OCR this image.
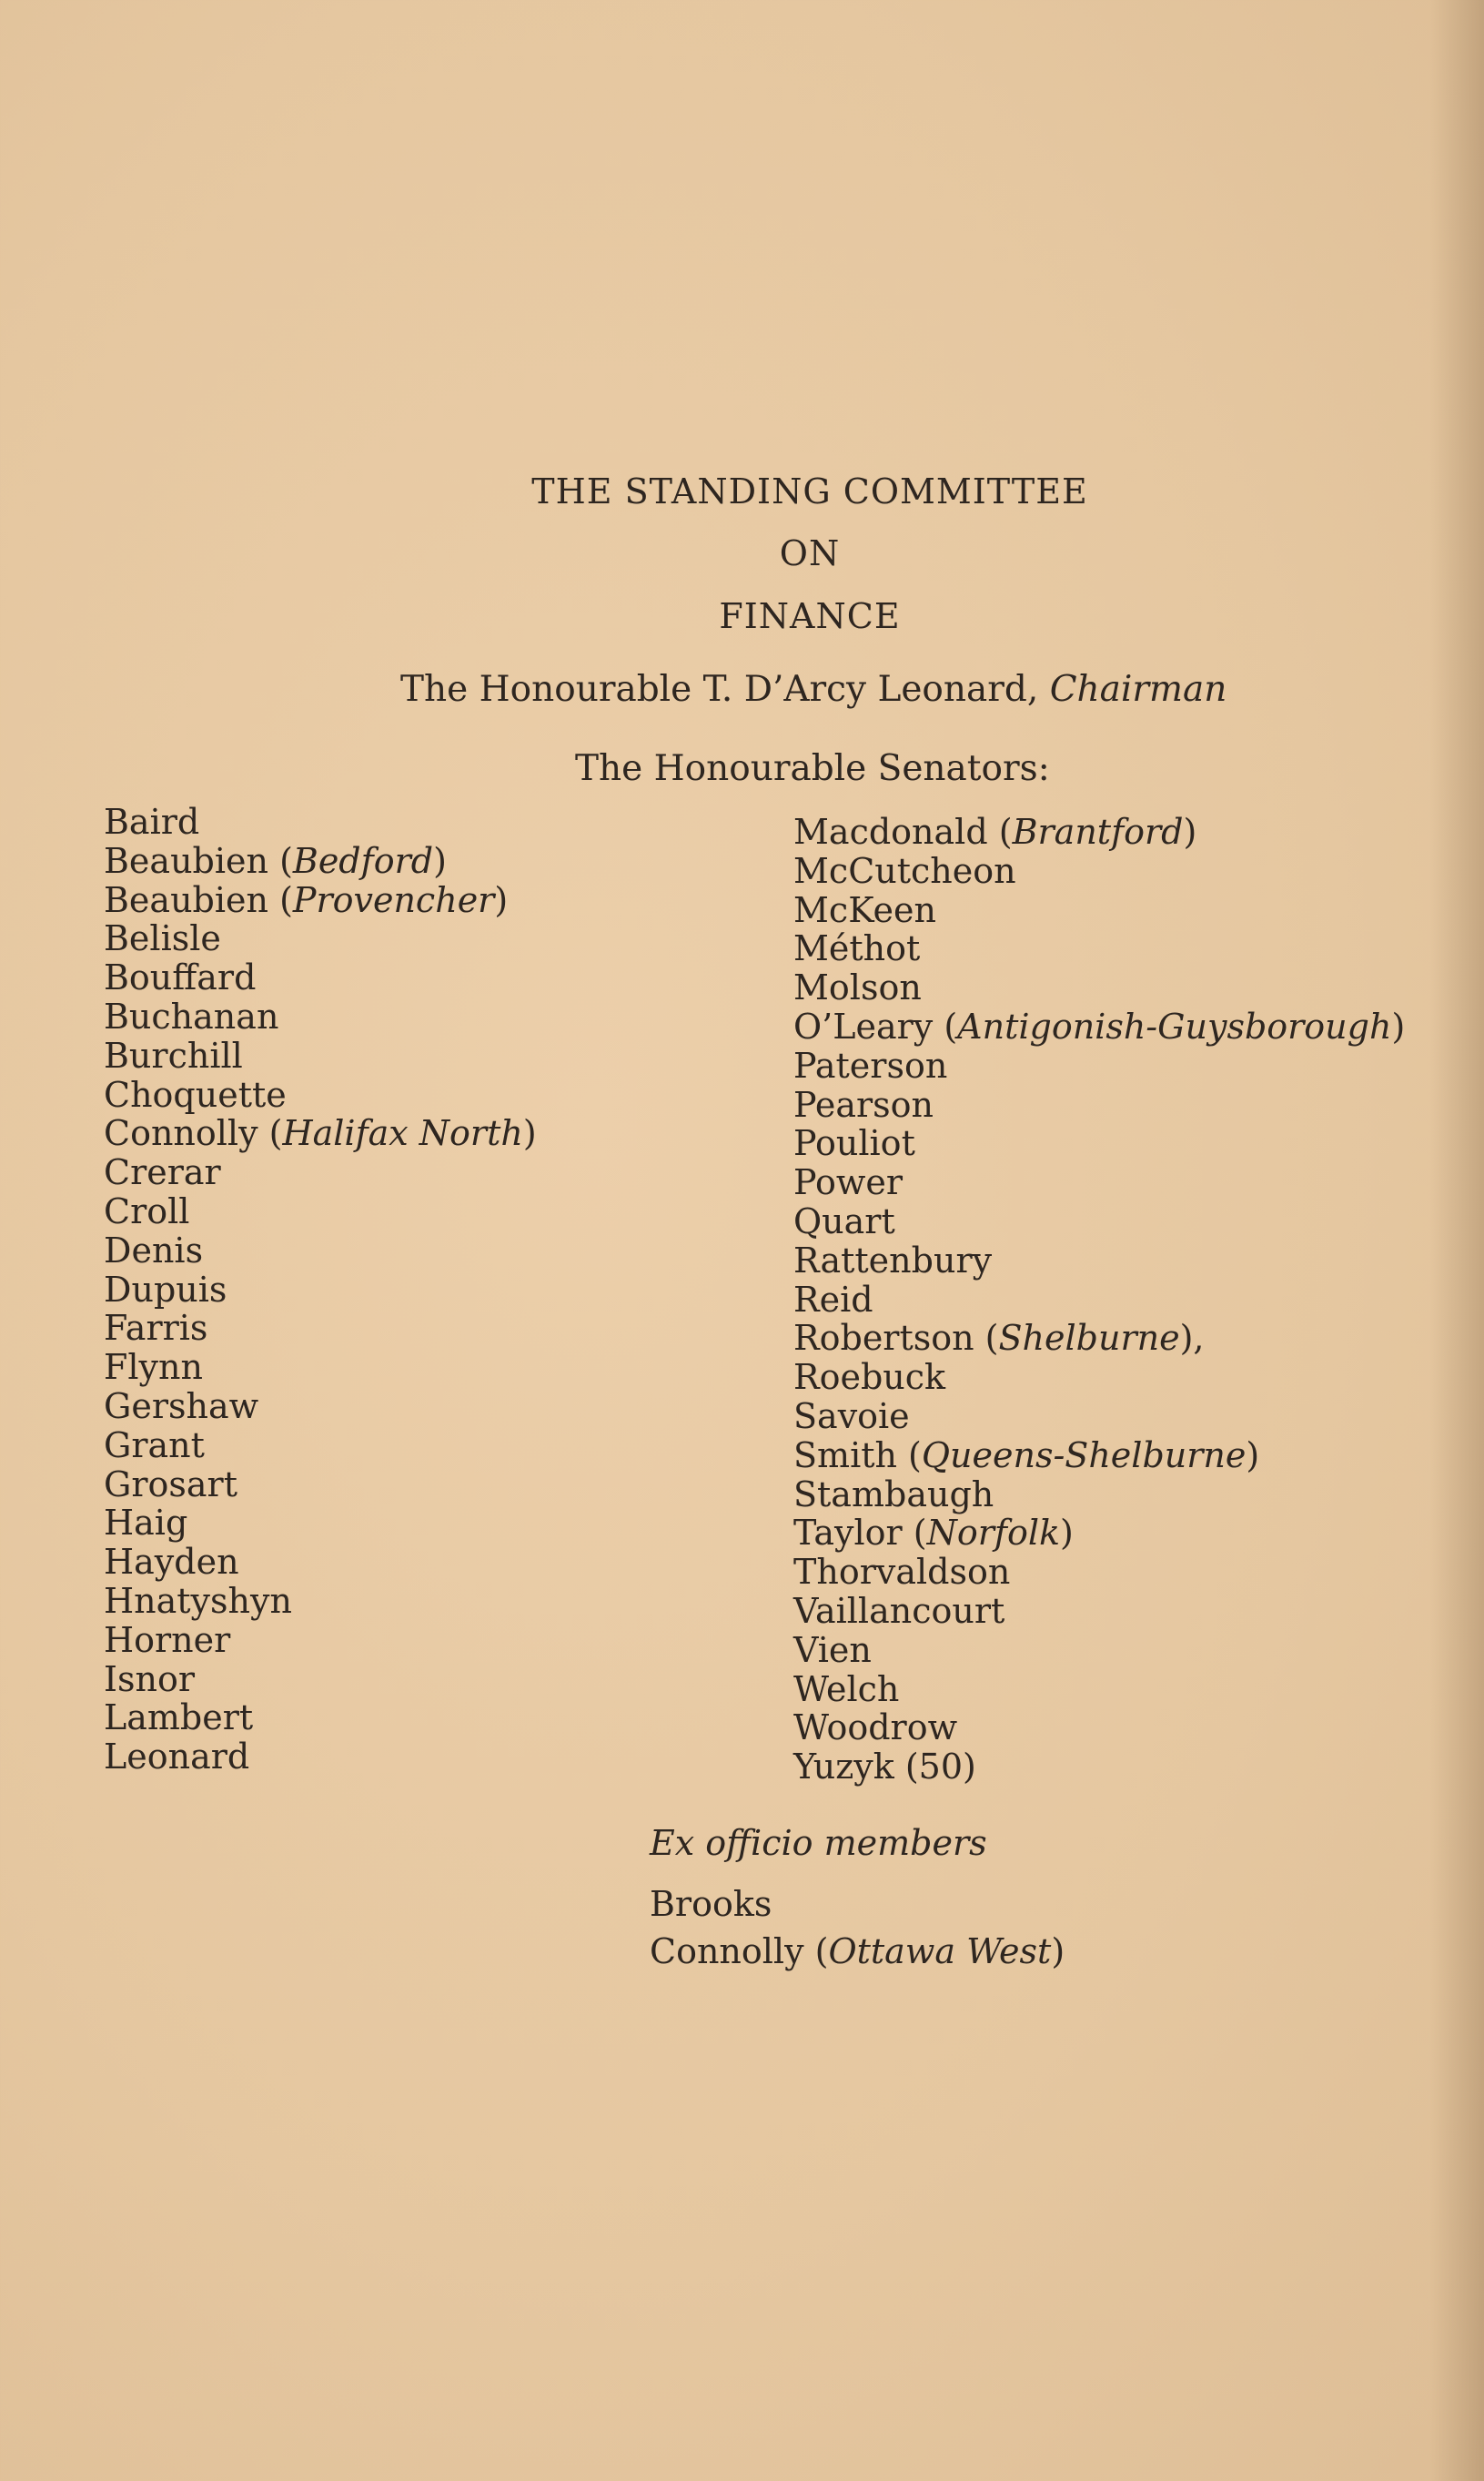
THE STANDING COMMITTEE
ON
FINANCE
The Honourable T. D’Arcy Leonard, Chairman
The Honourable Senators:
Baird
Beaubien (Bedford)
Beaubien (Provencher)
Belisle
Bouffard
Buchanan
Burchill
Choquette
Connolly (Halifax North)
Crerar
Croll
Denis
Dupuis
Farris
Flynn
Gershaw
Grant
Grosart
Haig
Hayden
Hnatyshyn
Horner
Isnor
Lambert
Leonard
Macdonald (Brantford)
McCutcheon
McKeen
Méthot
Molson
O’Leary (Antigonish-Guysborough)
Paterson
Pearson
Pouliot
Power
Quart
Rattenbury
Reid
Robertson (Shelburne),
Roebuck
Savoie
Smith (Queens-Shelburne)
Stambaugh
Taylor (Norfolk)
Thorvaldson
Vaillancourt
Vien
Welch
Woodrow
Yuzyk (50)
Ex officio members
Brooks
Connolly (Ottawa West)
